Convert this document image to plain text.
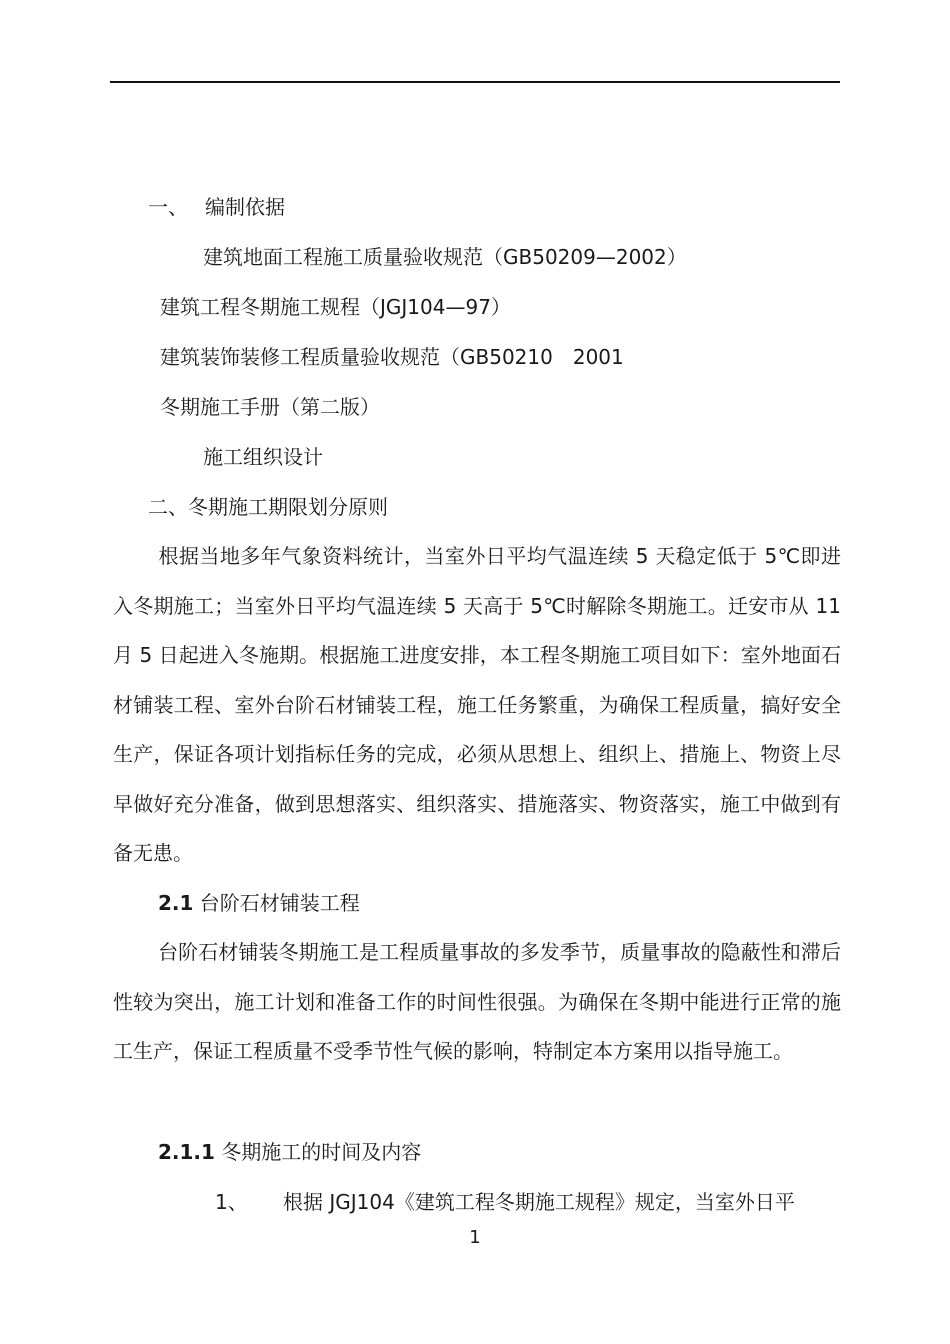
一、 编制依据
建筑地面工程施工质量验收规范（GB50209—2002）
建筑工程冬期施工规程（JGJ104—97）
建筑装饰装修工程质量验收规范（GB50210　2001
冬期施工手册（第二版）
施工组织设计
二、冬期施工期限划分原则

根据当地多年气象资料统计，当室外日平均气温连续 5 天稳定低于 5℃即进入冬期施工；当室外日平均气温连续 5 天高于 5℃时解除冬期施工。迁安市从 11 月 5 日起进入冬施期。根据施工进度安排，本工程冬期施工项目如下：室外地面石材铺装工程、室外台阶石材铺装工程，施工任务繁重，为确保工程质量，搞好安全生产，保证各项计划指标任务的完成，必须从思想上、组织上、措施上、物资上尽早做好充分准备，做到思想落实、组织落实、措施落实、物资落实，施工中做到有备无患。

2.1 台阶石材铺装工程

台阶石材铺装冬期施工是工程质量事故的多发季节，质量事故的隐蔽性和滞后性较为突出，施工计划和准备工作的时间性很强。为确保在冬期中能进行正常的施工生产，保证工程质量不受季节性气候的影响，特制定本方案用以指导施工。

2.1.1 冬期施工的时间及内容
1、 根据 JGJ104《建筑工程冬期施工规程》规定，当室外日平
1
